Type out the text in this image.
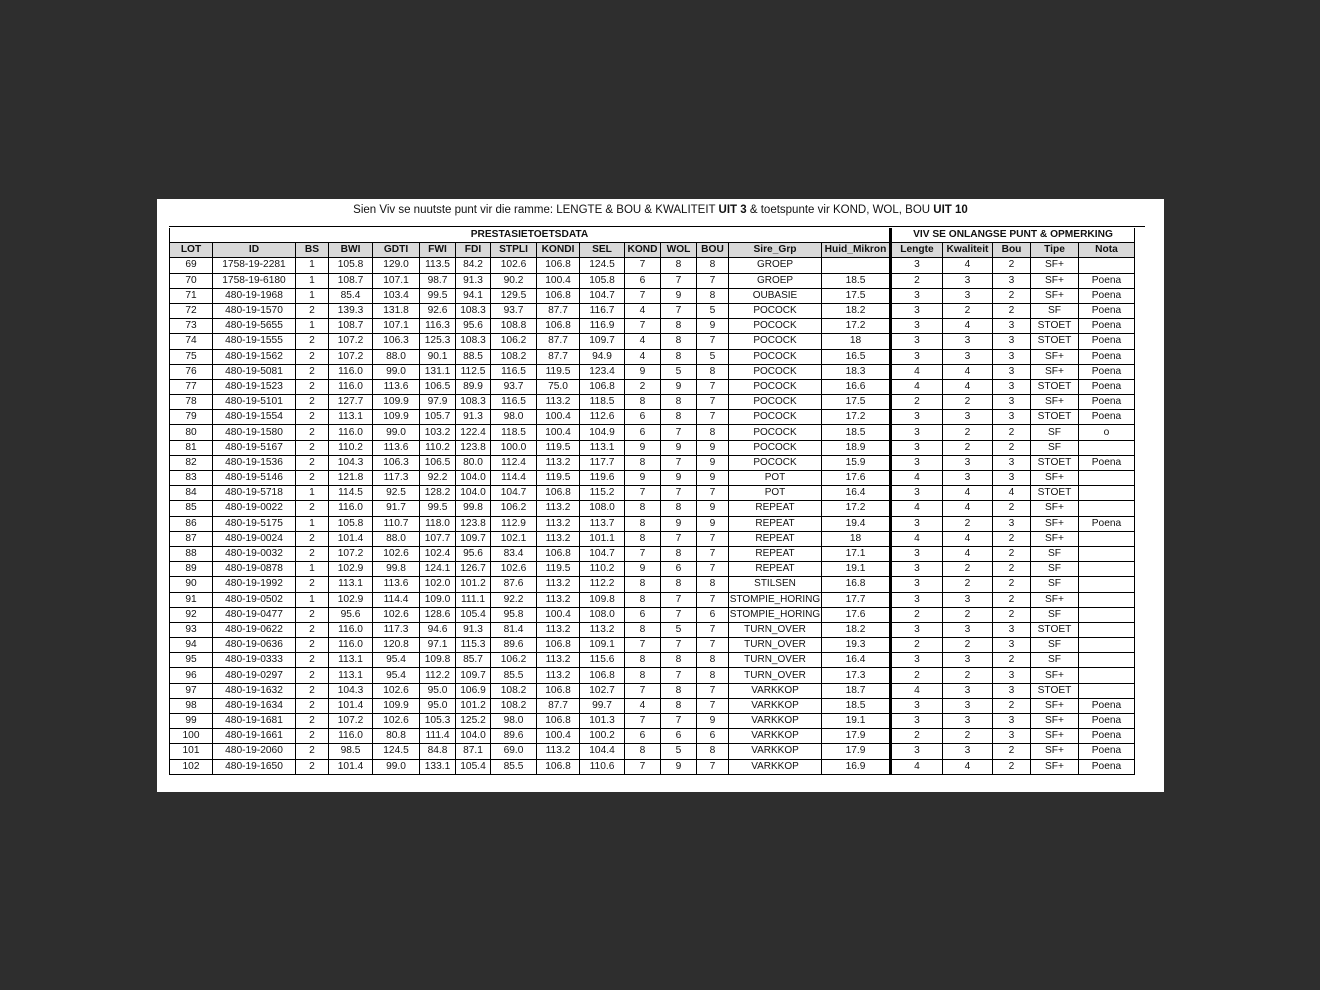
Sien Viv se nuutste punt vir die ramme: LENGTE & BOU & KWALITEIT UIT 3 & toetspunte vir KOND, WOL, BOU UIT 10
PRESTASIETOETSDATA															VIV SE ONLANGSE PUNT & OPMERKING				
LOT	ID	BS	BWI	GDTI	FWI	FDI	STPLI	KONDI	SEL	KOND	WOL	BOU	Sire_Grp	Huid_Mikron	Lengte	Kwaliteit	Bou	Tipe	Nota
69	1758-19-2281	1	105.8	129.0	113.5	84.2	102.6	106.8	124.5	7	8	8	GROEP		3	4	2	SF+	
70	1758-19-6180	1	108.7	107.1	98.7	91.3	90.2	100.4	105.8	6	7	7	GROEP	18.5	2	3	3	SF+	Poena
71	480-19-1968	1	85.4	103.4	99.5	94.1	129.5	106.8	104.7	7	9	8	OUBASIE	17.5	3	3	2	SF+	Poena
72	480-19-1570	2	139.3	131.8	92.6	108.3	93.7	87.7	116.7	4	7	5	POCOCK	18.2	3	2	2	SF	Poena
73	480-19-5655	1	108.7	107.1	116.3	95.6	108.8	106.8	116.9	7	8	9	POCOCK	17.2	3	4	3	STOET	Poena
74	480-19-1555	2	107.2	106.3	125.3	108.3	106.2	87.7	109.7	4	8	7	POCOCK	18	3	3	3	STOET	Poena
75	480-19-1562	2	107.2	88.0	90.1	88.5	108.2	87.7	94.9	4	8	5	POCOCK	16.5	3	3	3	SF+	Poena
76	480-19-5081	2	116.0	99.0	131.1	112.5	116.5	119.5	123.4	9	5	8	POCOCK	18.3	4	4	3	SF+	Poena
77	480-19-1523	2	116.0	113.6	106.5	89.9	93.7	75.0	106.8	2	9	7	POCOCK	16.6	4	4	3	STOET	Poena
78	480-19-5101	2	127.7	109.9	97.9	108.3	116.5	113.2	118.5	8	8	7	POCOCK	17.5	2	2	3	SF+	Poena
79	480-19-1554	2	113.1	109.9	105.7	91.3	98.0	100.4	112.6	6	8	7	POCOCK	17.2	3	3	3	STOET	Poena
80	480-19-1580	2	116.0	99.0	103.2	122.4	118.5	100.4	104.9	6	7	8	POCOCK	18.5	3	2	2	SF	o
81	480-19-5167	2	110.2	113.6	110.2	123.8	100.0	119.5	113.1	9	9	9	POCOCK	18.9	3	2	2	SF	
82	480-19-1536	2	104.3	106.3	106.5	80.0	112.4	113.2	117.7	8	7	9	POCOCK	15.9	3	3	3	STOET	Poena
83	480-19-5146	2	121.8	117.3	92.2	104.0	114.4	119.5	119.6	9	9	9	POT	17.6	4	3	3	SF+	
84	480-19-5718	1	114.5	92.5	128.2	104.0	104.7	106.8	115.2	7	7	7	POT	16.4	3	4	4	STOET	
85	480-19-0022	2	116.0	91.7	99.5	99.8	106.2	113.2	108.0	8	8	9	REPEAT	17.2	4	4	2	SF+	
86	480-19-5175	1	105.8	110.7	118.0	123.8	112.9	113.2	113.7	8	9	9	REPEAT	19.4	3	2	3	SF+	Poena
87	480-19-0024	2	101.4	88.0	107.7	109.7	102.1	113.2	101.1	8	7	7	REPEAT	18	4	4	2	SF+	
88	480-19-0032	2	107.2	102.6	102.4	95.6	83.4	106.8	104.7	7	8	7	REPEAT	17.1	3	4	2	SF	
89	480-19-0878	1	102.9	99.8	124.1	126.7	102.6	119.5	110.2	9	6	7	REPEAT	19.1	3	2	2	SF	
90	480-19-1992	2	113.1	113.6	102.0	101.2	87.6	113.2	112.2	8	8	8	STILSEN	16.8	3	2	2	SF	
91	480-19-0502	1	102.9	114.4	109.0	111.1	92.2	113.2	109.8	8	7	7	STOMPIE_HORING	17.7	3	3	2	SF+	
92	480-19-0477	2	95.6	102.6	128.6	105.4	95.8	100.4	108.0	6	7	6	STOMPIE_HORING	17.6	2	2	2	SF	
93	480-19-0622	2	116.0	117.3	94.6	91.3	81.4	113.2	113.2	8	5	7	TURN_OVER	18.2	3	3	3	STOET	
94	480-19-0636	2	116.0	120.8	97.1	115.3	89.6	106.8	109.1	7	7	7	TURN_OVER	19.3	2	2	3	SF	
95	480-19-0333	2	113.1	95.4	109.8	85.7	106.2	113.2	115.6	8	8	8	TURN_OVER	16.4	3	3	2	SF	
96	480-19-0297	2	113.1	95.4	112.2	109.7	85.5	113.2	106.8	8	7	8	TURN_OVER	17.3	2	2	3	SF+	
97	480-19-1632	2	104.3	102.6	95.0	106.9	108.2	106.8	102.7	7	8	7	VARKKOP	18.7	4	3	3	STOET	
98	480-19-1634	2	101.4	109.9	95.0	101.2	108.2	87.7	99.7	4	8	7	VARKKOP	18.5	3	3	2	SF+	Poena
99	480-19-1681	2	107.2	102.6	105.3	125.2	98.0	106.8	101.3	7	7	9	VARKKOP	19.1	3	3	3	SF+	Poena
100	480-19-1661	2	116.0	80.8	111.4	104.0	89.6	100.4	100.2	6	6	6	VARKKOP	17.9	2	2	3	SF+	Poena
101	480-19-2060	2	98.5	124.5	84.8	87.1	69.0	113.2	104.4	8	5	8	VARKKOP	17.9	3	3	2	SF+	Poena
102	480-19-1650	2	101.4	99.0	133.1	105.4	85.5	106.8	110.6	7	9	7	VARKKOP	16.9	4	4	2	SF+	Poena
